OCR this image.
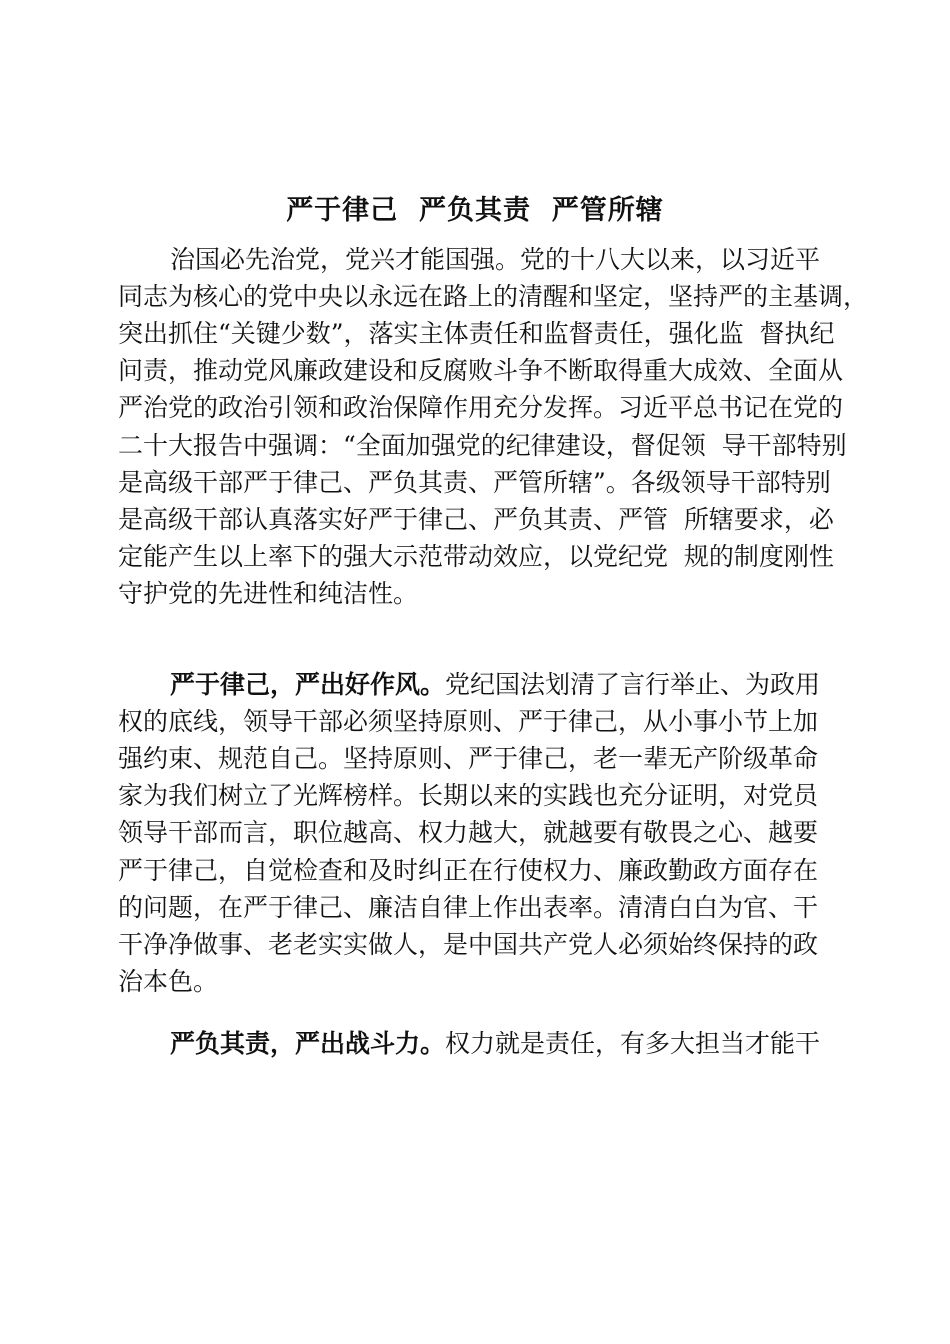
严于律己  严负其责  严管所辖
治国必先治党，党兴才能国强。党的十八大以来，以习近平
同志为核心的党中央以永远在路上的清醒和坚定，坚持严的主基调，
突出抓住“关键少数”，落实主体责任和监督责任，强化监  督执纪
问责，推动党风廉政建设和反腐败斗争不断取得重大成效、全面从
严治党的政治引领和政治保障作用充分发挥。习近平总书记在党的
二十大报告中强调：“全面加强党的纪律建设，督促领  导干部特别
是高级干部严于律己、严负其责、严管所辖”。各级领导干部特别
是高级干部认真落实好严于律己、严负其责、严管  所辖要求，必
定能产生以上率下的强大示范带动效应，以党纪党  规的制度刚性
守护党的先进性和纯洁性。
严于律己，严出好作风。党纪国法划清了言行举止、为政用
权的底线，领导干部必须坚持原则、严于律己，从小事小节上加
强约束、规范自己。坚持原则、严于律己，老一辈无产阶级革命
家为我们树立了光辉榜样。长期以来的实践也充分证明，对党员
领导干部而言，职位越高、权力越大，就越要有敬畏之心、越要
严于律己，自觉检查和及时纠正在行使权力、廉政勤政方面存在
的问题，在严于律己、廉洁自律上作出表率。清清白白为官、干
干净净做事、老老实实做人，是中国共产党人必须始终保持的政
治本色。
严负其责，严出战斗力。权力就是责任，有多大担当才能干
